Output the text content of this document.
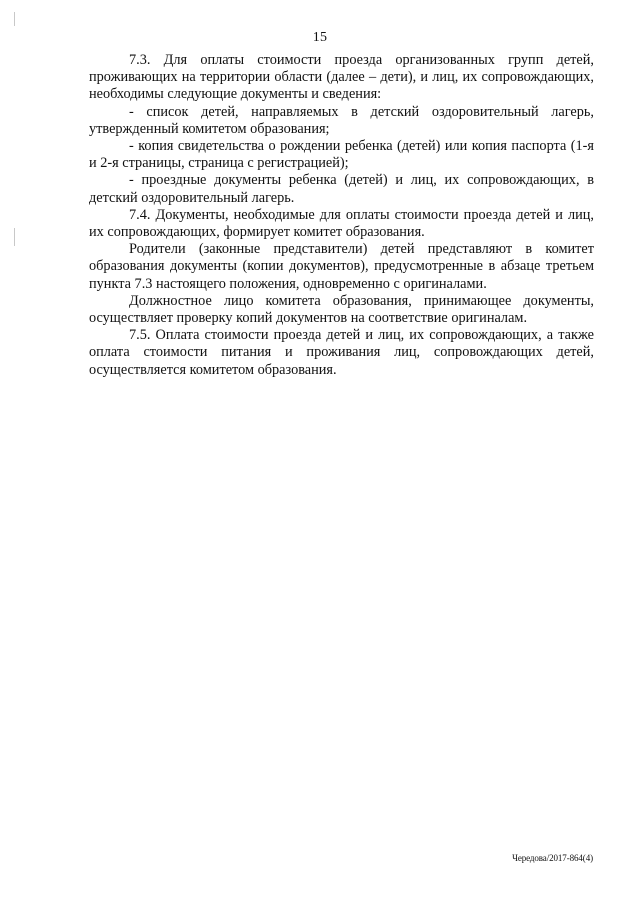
15

7.3. Для оплаты стоимости проезда организованных групп детей, проживающих на территории области (далее – дети), и лиц, их сопровождающих, необходимы следующие документы и сведения:

- список детей, направляемых в детский оздоровительный лагерь, утвержденный комитетом образования;

- копия свидетельства о рождении ребенка (детей) или копия паспорта (1-я и 2-я страницы, страница с регистрацией);

- проездные документы ребенка (детей) и лиц, их сопровождающих, в детский оздоровительный лагерь.

7.4. Документы, необходимые для оплаты стоимости проезда детей и лиц, их сопровождающих, формирует комитет образования.

Родители (законные представители) детей представляют в комитет образования документы (копии документов), предусмотренные в абзаце третьем пункта 7.3 настоящего положения, одновременно с оригиналами.

Должностное лицо комитета образования, принимающее документы, осуществляет проверку копий документов на соответствие оригиналам.

7.5. Оплата стоимости проезда детей и лиц, их сопровождающих, а также оплата стоимости питания и проживания лиц, сопровождающих детей, осуществляется комитетом образования.

Чередова/2017-864(4)
